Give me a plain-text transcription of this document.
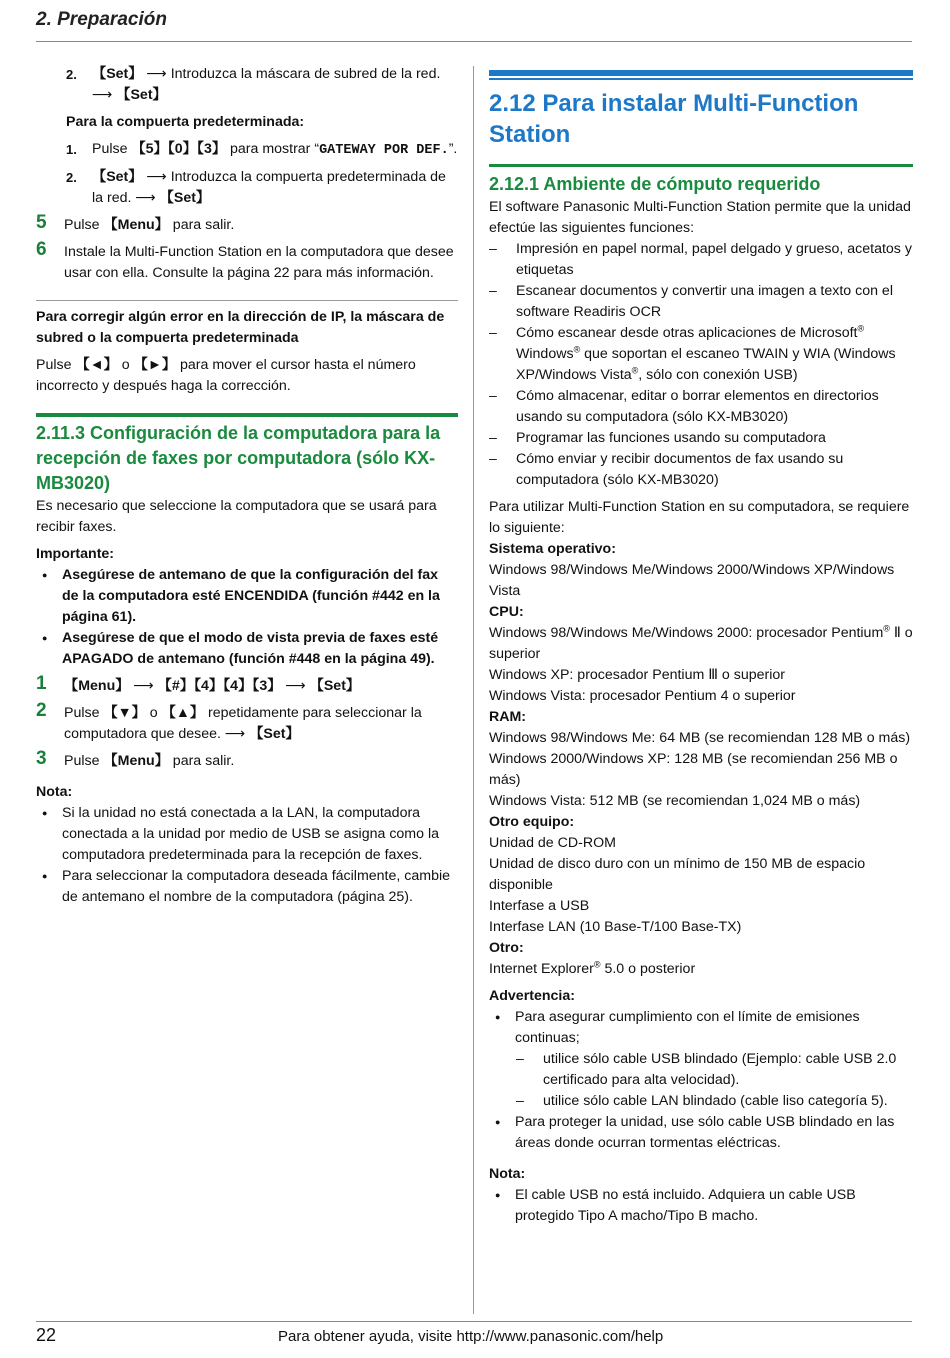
2. Preparación

2. 【Set】 ⟶ Introduzca la máscara de subred de la red. ⟶ 【Set】

Para la compuerta predeterminada:

1. Pulse 【5】【0】【3】 para mostrar “GATEWAY POR DEF.”.

2. 【Set】 ⟶ Introduzca la compuerta predeterminada de la red. ⟶ 【Set】

5 Pulse 【Menu】 para salir.

6 Instale la Multi-Function Station en la computadora que desee usar con ella. Consulte la página 22 para más información.

Para corregir algún error en la dirección de IP, la máscara de subred o la compuerta predeterminada

Pulse 【◄】 o 【►】 para mover el cursor hasta el número incorrecto y después haga la corrección.

2.11.3 Configuración de la computadora para la recepción de faxes por computadora (sólo KX-MB3020)

Es necesario que seleccione la computadora que se usará para recibir faxes.

Importante:

● Asegúrese de antemano de que la configuración del fax de la computadora esté ENCENDIDA (función #442 en la página 61).

● Asegúrese de que el modo de vista previa de faxes esté APAGADO de antemano (función #448 en la página 49).

1 【Menu】 ⟶ 【#】【4】【4】【3】 ⟶ 【Set】

2 Pulse 【▼】 o 【▲】 repetidamente para seleccionar la computadora que desee. ⟶ 【Set】

3 Pulse 【Menu】 para salir.

Nota:

● Si la unidad no está conectada a la LAN, la computadora conectada a la unidad por medio de USB se asigna como la computadora predeterminada para la recepción de faxes.

● Para seleccionar la computadora deseada fácilmente, cambie de antemano el nombre de la computadora (página 25).

2.12 Para instalar Multi-Function Station

2.12.1 Ambiente de cómputo requerido

El software Panasonic Multi-Function Station permite que la unidad efectúe las siguientes funciones:

– Impresión en papel normal, papel delgado y grueso, acetatos y etiquetas

– Escanear documentos y convertir una imagen a texto con el software Readiris OCR

– Cómo escanear desde otras aplicaciones de Microsoft® Windows® que soportan el escaneo TWAIN y WIA (Windows XP/Windows Vista®, sólo con conexión USB)

– Cómo almacenar, editar o borrar elementos en directorios usando su computadora (sólo KX-MB3020)

– Programar las funciones usando su computadora

– Cómo enviar y recibir documentos de fax usando su computadora (sólo KX-MB3020)

Para utilizar Multi-Function Station en su computadora, se requiere lo siguiente:

Sistema operativo:

Windows 98/Windows Me/Windows 2000/Windows XP/Windows Vista

CPU:

Windows 98/Windows Me/Windows 2000: procesador Pentium® Ⅱ o superior

Windows XP: procesador Pentium Ⅲ o superior

Windows Vista: procesador Pentium 4 o superior

RAM:

Windows 98/Windows Me: 64 MB (se recomiendan 128 MB o más)

Windows 2000/Windows XP: 128 MB (se recomiendan 256 MB o más)

Windows Vista: 512 MB (se recomiendan 1,024 MB o más)

Otro equipo:

Unidad de CD-ROM

Unidad de disco duro con un mínimo de 150 MB de espacio disponible

Interfase a USB

Interfase LAN (10 Base-T/100 Base-TX)

Otro:

Internet Explorer® 5.0 o posterior

Advertencia:

● Para asegurar cumplimiento con el límite de emisiones continuas;

– utilice sólo cable USB blindado (Ejemplo: cable USB 2.0 certificado para alta velocidad).

– utilice sólo cable LAN blindado (cable liso categoría 5).

● Para proteger la unidad, use sólo cable USB blindado en las áreas donde ocurran tormentas eléctricas.

Nota:

● El cable USB no está incluido. Adquiera un cable USB protegido Tipo A macho/Tipo B macho.

22	Para obtener ayuda, visite http://www.panasonic.com/help
